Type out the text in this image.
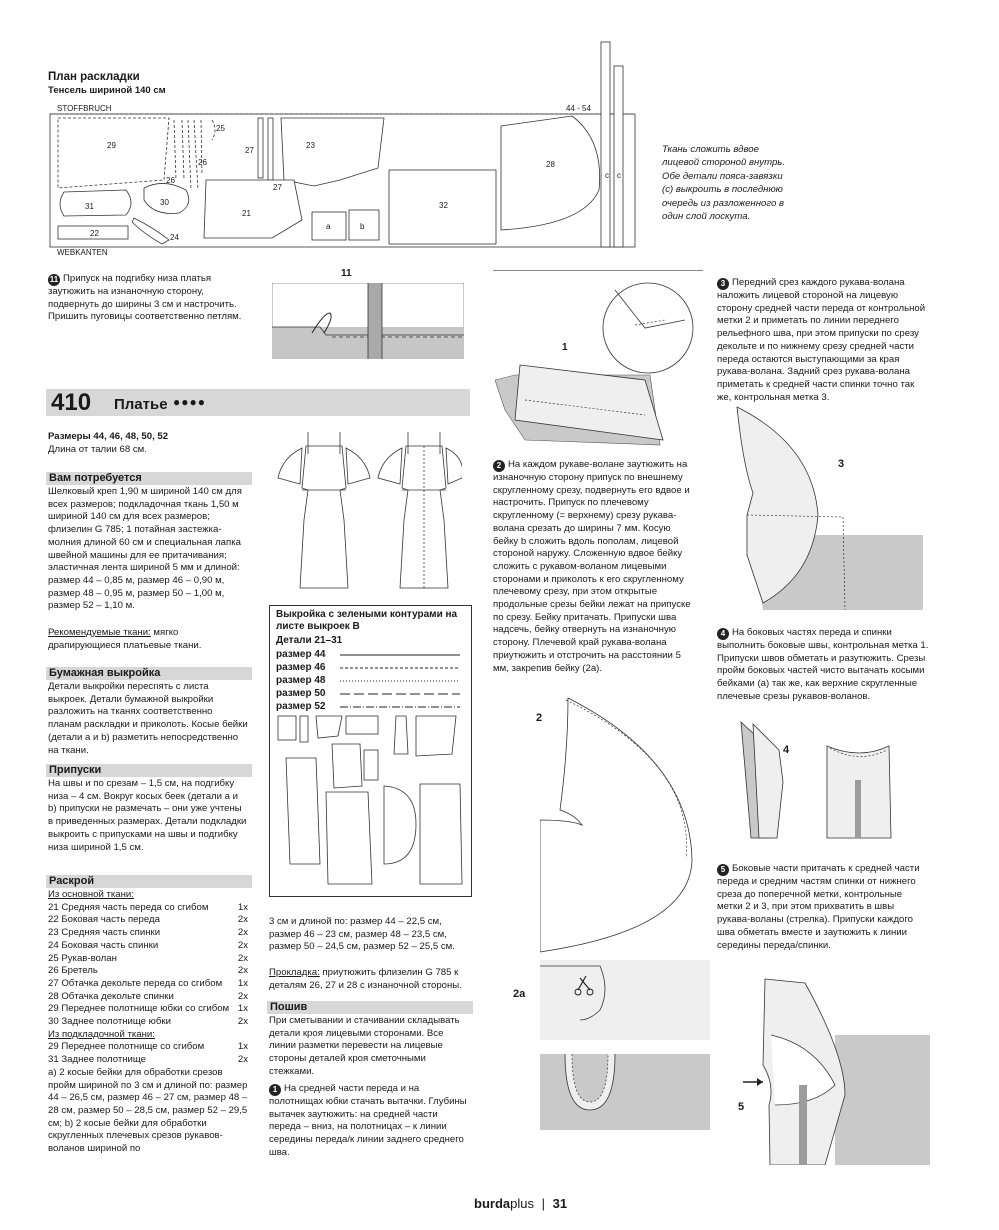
План раскладки
Тенсель шириной 140 см
STOFFBRUCH	44 - 54
WEBKANTEN
29
25
27
23
28
26
26
27
21
32
31	30
22	24
a	b
c c
Ткань сложить вдвое лицевой стороной внутрь. Обе детали пояса-завязки (c) выкроить в последнюю очередь из разложенного в один слой лоскута.
11 Припуск на подгибку низа платья заутюжить на изнаночную сторону, подвернуть до ширины 3 см и настрочить. Пришить пуговицы соответственно петлям.
11
410 Платье ●●●●
Размеры 44, 46, 48, 50, 52
Длина от талии 68 см.
Вам потребуется
Шелковый креп 1,90 м шириной 140 см для всех размеров; подкладочная ткань 1,50 м шириной 140 см для всех размеров; флизелин G 785; 1 потайная застежка-молния длиной 60 см и специальная лапка швейной машины для ее притачивания; эластичная лента шириной 5 мм и длиной: размер 44 – 0,85 м, размер 46 – 0,90 м, размер 48 – 0,95 м, размер 50 – 1,00 м, размер 52 – 1,10 м.
Рекомендуемые ткани: мягко драпирующиеся платьевые ткани.
Бумажная выкройка
Детали выкройки пересnять с листа выкроек. Детали бумажной выкройки разложить на тканях соответственно планам раскладки и приколоть. Косые бейки (детали а и b) разметить непосредственно на ткани.
Припуски
На швы и по срезам – 1,5 см, на подгибку низа – 4 см. Вокруг косых беек (детали а и b) припуски не размечать – они уже учтены в приведенных размерах. Детали подкладки выкроить с припусками на швы и подгибку низа шириной 1,5 см.
Раскрой
Из основной ткани:
21 Средняя часть переда со сгибом	1x
22 Боковая часть переда	2x
23 Средняя часть спинки	2x
24 Боковая часть спинки	2x
25 Рукав-волан	2x
26 Бретель	2x
27 Обтачка декольте переда со сгибом 1x
28 Обтачка декольте спинки	2x
29 Переднее полотнище юбки со сгибом 1x
30 Заднее полотнище юбки	2x
Из подкладочной ткани:
29 Переднее полотнище со сгибом	1x
31 Заднее полотнище	2x
а) 2 косые бейки для обработки срезов пройм шириной по 3 см и длиной по: размер 44 – 26,5 см, размер 46 – 27 см, размер 48 – 28 см, размер 50 – 28,5 см, размер 52 – 29,5 см; b) 2 косые бейки для обработки скругленных плечевых срезов рукавов-воланов шириной по
Выкройка с зелеными контурами на листе выкроек B
Детали 21–31
размер 44
размер 46
размер 48
размер 50
размер 52
3 см и длиной по: размер 44 – 22,5 см, размер 46 – 23 см, размер 48 – 23,5 см, размер 50 – 24,5 см, размер 52 – 25,5 см.
Прокладка: приутюжить флизелин G 785 к деталям 26, 27 и 28 с изнаночной стороны.
Пошив
При сметывании и стачивании складывать детали кроя лицевыми сторонами. Все линии разметки перевести на лицевые стороны деталей кроя сметочными стежками.
1 На средней части переда и на полотнищах юбки стачать вытачки. Глубины вытачек заутюжить: на средней части переда – вниз, на полотницах – к линии середины переда/к линии заднего среднего шва.
1
2 На каждом рукаве-волане заутюжить на изнаночную сторону припуск по внешнему скругленному срезу, подвернуть его вдвое и настрочить. Припуск по плечевому скругленному (= верхнему) срезу рукава-волана срезать до ширины 7 мм. Косую бейку b сложить вдоль пополам, лицевой стороной наружу. Сложенную вдвое бейку сложить с рукавом-воланом лицевыми сторонами и приколоть к его скругленному плечевому срезу, при этом открытые продольные срезы бейки лежат на припуске по срезу. Бейку притачать. Припуски шва надсечь, бейку отвернуть на изнаночную сторону. Плечевой край рукава-волана приутюжить и отстрочить на расстоянии 5 мм, закрепив бейку (2а).
2
2a
3 Передний срез каждого рукава-волана наложить лицевой стороной на лицевую сторону средней части переда от контрольной метки 2 и приметать по линии переднего рельефного шва, при этом припуски по срезу декольте и по нижнему срезу средней части переда остаются выступающими за края рукава-волана. Задний срез рукава-волана приметать к средней части спинки точно так же, контрольная метка 3.
3
4 На боковых частях переда и спинки выполнить боковые швы, контрольная метка 1. Припуски швов обметать и разутюжить. Срезы пройм боковых частей чисто вытачать косыми бейками (а) так же, как верхние скругленные плечевые срезы рукавов-воланов.
4
5 Боковые части притачать к средней части переда и средним частям спинки от нижнего среза до поперечной метки, контрольные метки 2 и 3, при этом прихватить в швы рукава-воланы (стрелка). Припуски каждого шва обметать вместе и заутюжить к линии середины переда/спинки.
5
burdaplus | 31
